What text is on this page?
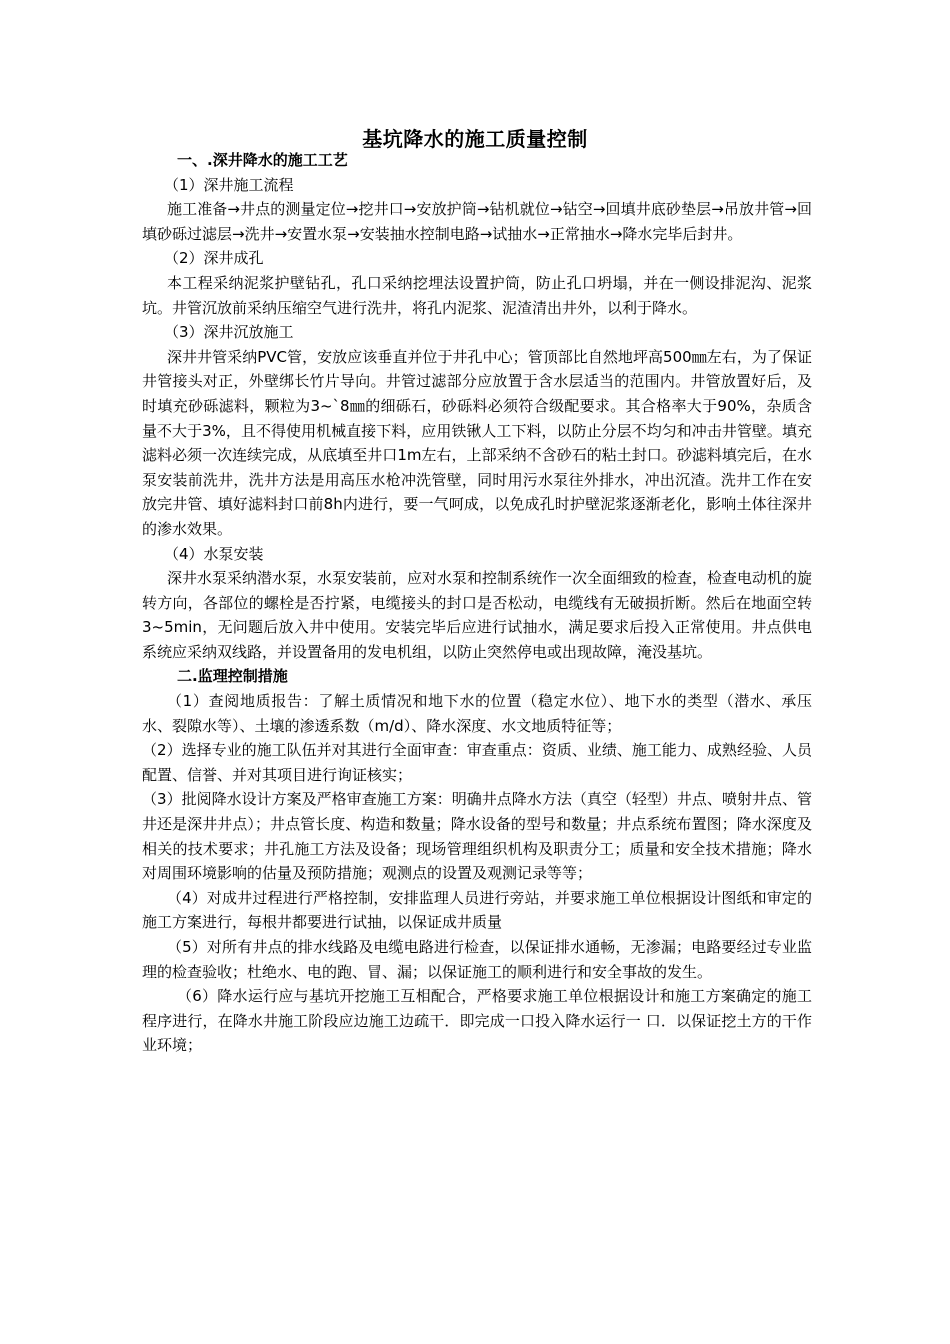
基坑降水的施工质量控制

一、.深井降水的施工工艺

（1）深井施工流程

施工准备→井点的测量定位→挖井口→安放护筒→钻机就位→钻空→回填井底砂垫层→吊放井管→回填砂砾过滤层→洗井→安置水泵→安装抽水控制电路→试抽水→正常抽水→降水完毕后封井。

（2）深井成孔

本工程采纳泥浆护壁钻孔，孔口采纳挖埋法设置护筒，防止孔口坍塌，并在一侧设排泥沟、泥浆坑。井管沉放前采纳压缩空气进行洗井，将孔内泥浆、泥渣清出井外，以利于降水。

（3）深井沉放施工

深井井管采纳PVC管，安放应该垂直并位于井孔中心；管顶部比自然地坪高500㎜左右，为了保证井管接头对正，外壁绑长竹片导向。井管过滤部分应放置于含水层适当的范围内。井管放置好后，及时填充砂砾滤料，颗粒为3~`8㎜的细砾石，砂砾料必须符合级配要求。其合格率大于90%，杂质含量不大于3%，且不得使用机械直接下料，应用铁锹人工下料，以防止分层不均匀和冲击井管壁。填充滤料必须一次连续完成，从底填至井口1m左右，上部采纳不含砂石的粘土封口。砂滤料填完后，在水泵安装前洗井，洗井方法是用高压水枪冲洗管壁，同时用污水泵往外排水，冲出沉渣。洗井工作在安放完井管、填好滤料封口前8h内进行，要一气呵成，以免成孔时护壁泥浆逐渐老化，影响土体往深井的渗水效果。

（4）水泵安装

深井水泵采纳潜水泵，水泵安装前，应对水泵和控制系统作一次全面细致的检查，检查电动机的旋转方向，各部位的螺栓是否拧紧，电缆接头的封口是否松动，电缆线有无破损折断。然后在地面空转3~5min，无问题后放入井中使用。安装完毕后应进行试抽水，满足要求后投入正常使用。井点供电系统应采纳双线路，并设置备用的发电机组，以防止突然停电或出现故障，淹没基坑。

二.监理控制措施

（1）查阅地质报告：了解土质情况和地下水的位置（稳定水位）、地下水的类型（潜水、承压水、裂隙水等）、土壤的渗透系数（m/d）、降水深度、水文地质特征等；

（2）选择专业的施工队伍并对其进行全面审查：审查重点：资质、业绩、施工能力、成熟经验、人员配置、信誉、并对其项目进行询证核实；

（3）批阅降水设计方案及严格审查施工方案：明确井点降水方法（真空（轻型）井点、喷射井点、管井还是深井井点）；井点管长度、构造和数量；降水设备的型号和数量；井点系统布置图；降水深度及相关的技术要求；井孔施工方法及设备；现场管理组织机构及职责分工；质量和安全技术措施；降水对周围环境影响的估量及预防措施；观测点的设置及观测记录等等；

（4）对成井过程进行严格控制，安排监理人员进行旁站，并要求施工单位根据设计图纸和审定的施工方案进行，每根井都要进行试抽，以保证成井质量

（5）对所有井点的排水线路及电缆电路进行检查，以保证排水通畅，无渗漏；电路要经过专业监理的检查验收；杜绝水、电的跑、冒、漏；以保证施工的顺利进行和安全事故的发生。

（6）降水运行应与基坑开挖施工互相配合，严格要求施工单位根据设计和施工方案确定的施工程序进行，在降水井施工阶段应边施工边疏干．即完成一口投入降水运行一 口．以保证挖土方的干作业环境；
